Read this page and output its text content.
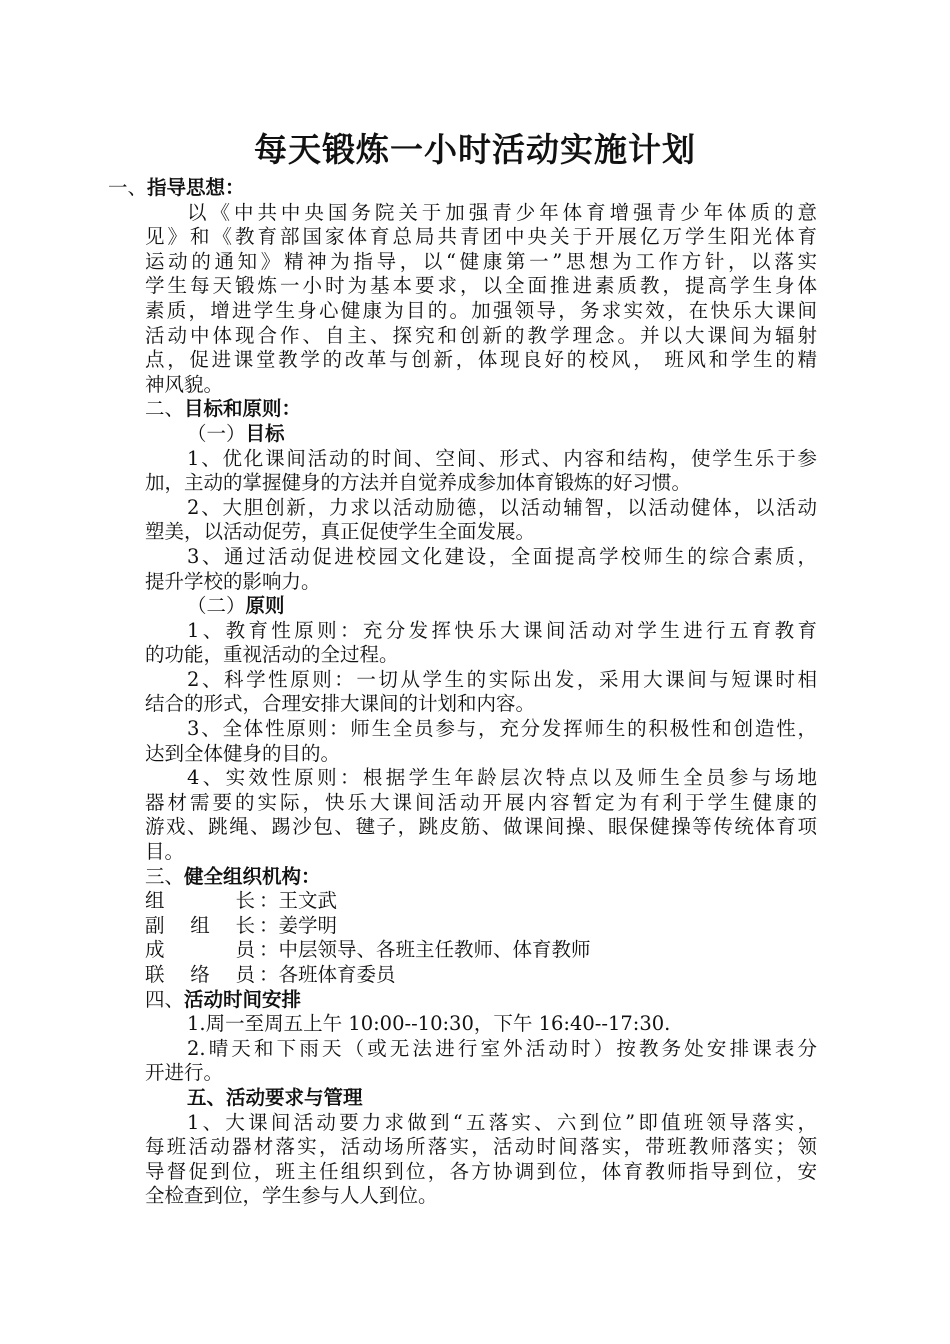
每天锻炼一小时活动实施计划
一、指导思想：
以《中共中央国务院关于加强青少年体育增强青少年体质的意
见》和《教育部国家体育总局共青团中央关于开展亿万学生阳光体育
运动的通知》精神为指导，以“健康第一”思想为工作方针，以落实
学生每天锻炼一小时为基本要求，以全面推进素质教，提高学生身体
素质，增进学生身心健康为目的。加强领导，务求实效，在快乐大课间
活动中体现合作、自主、探究和创新的教学理念。并以大课间为辐射
点，促进课堂教学的改革与创新，体现良好的校风， 班风和学生的精
神风貌。
二、目标和原则：
（一）目标
1、优化课间活动的时间、空间、形式、内容和结构，使学生乐于参
加，主动的掌握健身的方法并自觉养成参加体育锻炼的好习惯。
2、大胆创新，力求以活动励德，以活动辅智，以活动健体，以活动
塑美，以活动促劳，真正促使学生全面发展。
3、通过活动促进校园文化建设，全面提高学校师生的综合素质，
提升学校的影响力。
（二）原则
1、教育性原则：充分发挥快乐大课间活动对学生进行五育教育
的功能，重视活动的全过程。
2、科学性原则：一切从学生的实际出发，采用大课间与短课时相
结合的形式，合理安排大课间的计划和内容。
3、全体性原则：师生全员参与，充分发挥师生的积极性和创造性，
达到全体健身的目的。
4、实效性原则：根据学生年龄层次特点以及师生全员参与场地
器材需要的实际，快乐大课间活动开展内容暂定为有利于学生健康的
游戏、跳绳、踢沙包、毽子，跳皮筋、做课间操、眼保健操等传统体育项
目。
三、健全组织机构：
组长 ：王文武
副组长 ：姜学明
成员 ：中层领导、各班主任教师、体育教师
联络员 ：各班体育委员
四、活动时间安排
1.周一至周五上午 10:00--10:30，下午 16:40--17:30.
2.晴天和下雨天（或无法进行室外活动时）按教务处安排课表分
开进行。
五、活动要求与管理
1、大课间活动要力求做到“五落实、六到位”即值班领导落实，
每班活动器材落实，活动场所落实，活动时间落实，带班教师落实；领
导督促到位，班主任组织到位，各方协调到位，体育教师指导到位，安
全检查到位，学生参与人人到位。
